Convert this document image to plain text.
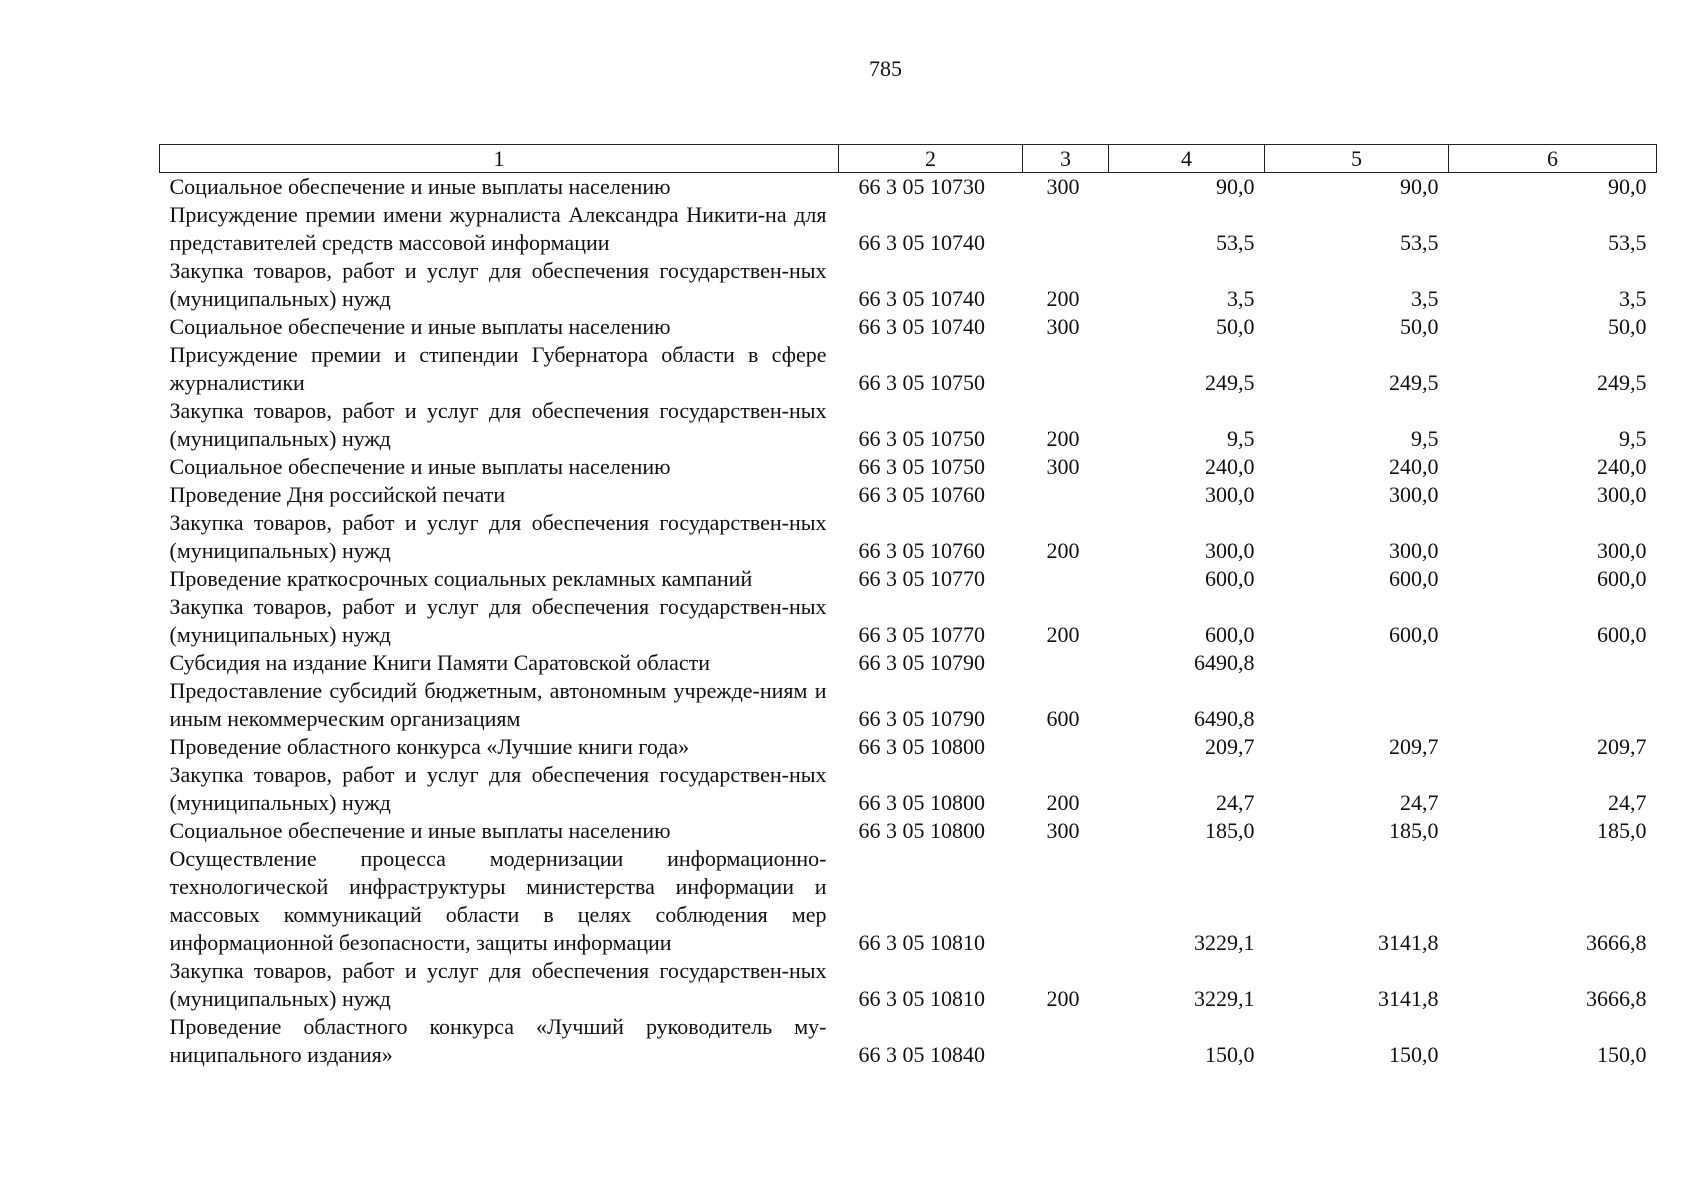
785
1	2	3	4	5	6
Социальное обеспечение и иные выплаты населению	66 3 05 10730	300	90,0	90,0	90,0
Присуждение премии имени журналиста Александра Никити-на для представителей средств массовой информации	66 3 05 10740		53,5	53,5	53,5
Закупка товаров, работ и услуг для обеспечения государствен-ных (муниципальных) нужд	66 3 05 10740	200	3,5	3,5	3,5
Социальное обеспечение и иные выплаты населению	66 3 05 10740	300	50,0	50,0	50,0
Присуждение премии и стипендии Губернатора области в сфере журналистики	66 3 05 10750		249,5	249,5	249,5
Закупка товаров, работ и услуг для обеспечения государствен-ных (муниципальных) нужд	66 3 05 10750	200	9,5	9,5	9,5
Социальное обеспечение и иные выплаты населению	66 3 05 10750	300	240,0	240,0	240,0
Проведение Дня российской печати	66 3 05 10760		300,0	300,0	300,0
Закупка товаров, работ и услуг для обеспечения государствен-ных (муниципальных) нужд	66 3 05 10760	200	300,0	300,0	300,0
Проведение краткосрочных социальных рекламных кампаний	66 3 05 10770		600,0	600,0	600,0
Закупка товаров, работ и услуг для обеспечения государствен-ных (муниципальных) нужд	66 3 05 10770	200	600,0	600,0	600,0
Субсидия на издание Книги Памяти Саратовской области	66 3 05 10790		6490,8		
Предоставление субсидий бюджетным, автономным учрежде-ниям и иным некоммерческим организациям	66 3 05 10790	600	6490,8		
Проведение областного конкурса «Лучшие книги года»	66 3 05 10800		209,7	209,7	209,7
Закупка товаров, работ и услуг для обеспечения государствен-ных (муниципальных) нужд	66 3 05 10800	200	24,7	24,7	24,7
Социальное обеспечение и иные выплаты населению	66 3 05 10800	300	185,0	185,0	185,0
Осуществление процесса модернизации информационно-технологической инфраструктуры министерства информации и массовых коммуникаций области в целях соблюдения мер информационной безопасности, защиты информации	66 3 05 10810		3229,1	3141,8	3666,8
Закупка товаров, работ и услуг для обеспечения государствен-ных (муниципальных) нужд	66 3 05 10810	200	3229,1	3141,8	3666,8
Проведение областного конкурса «Лучший руководитель му-ниципального издания»	66 3 05 10840		150,0	150,0	150,0
